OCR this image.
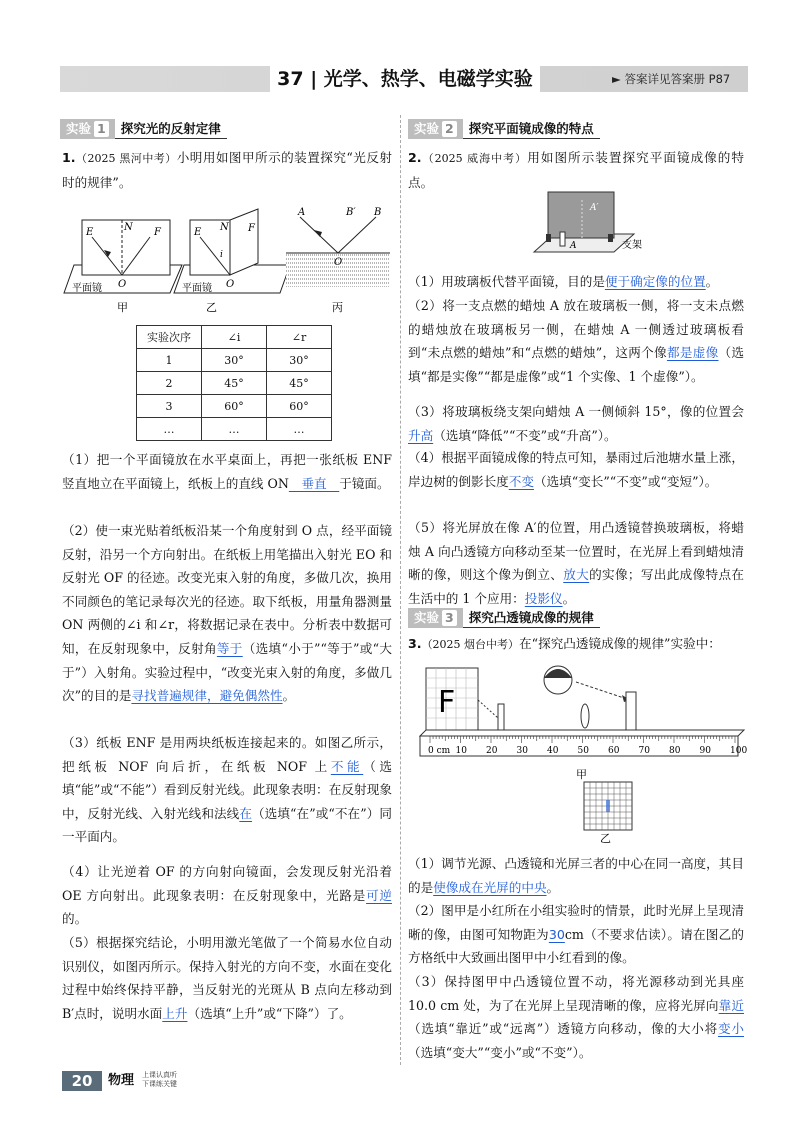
37 | 光学、热学、电磁学实验	► 答案详见答案册 P87
实验 1	探究光的反射定律

1.（2025 黑河中考）小明用如图甲所示的装置探究“光反射时的规律”。

E	N F
O
平面镜
甲
E N
i
F
O
平面镜
乙
A	B′ B
O
丙
实验次序	∠i	∠r
1	30°	30°
2	45°	45°
3	60°	60°
…	…	…

（1）把一个平面镜放在水平桌面上，再把一张纸板 ENF 竖直地立在平面镜上，纸板上的直线 ON　垂直　于镜面。

（2）使一束光贴着纸板沿某一个角度射到 O 点，经平面镜反射，沿另一个方向射出。在纸板上用笔描出入射光 EO 和反射光 OF 的径迹。改变光束入射的角度，多做几次，换用不同颜色的笔记录每次光的径迹。取下纸板，用量角器测量 ON 两侧的∠i 和∠r，将数据记录在表中。分析表中数据可知，在反射现象中，反射角等于（选填“小于”“等于”或“大于”）入射角。实验过程中，“改变光束入射的角度，多做几次”的目的是寻找普遍规律，避免偶然性。

（3）纸板 ENF 是用两块纸板连接起来的。如图乙所示，把纸板 NOF 向后折，在纸板 NOF 上不能（选填“能”或“不能”）看到反射光线。此现象表明：在反射现象中，反射光线、入射光线和法线在（选填“在”或“不在”）同一平面内。

（4）让光逆着 OF 的方向射向镜面，会发现反射光沿着 OE 方向射出。此现象表明：在反射现象中，光路是可逆的。

（5）根据探究结论，小明用激光笔做了一个简易水位自动识别仪，如图丙所示。保持入射光的方向不变，水面在变化过程中始终保持平静，当反射光的光斑从 B 点向左移动到 B′点时，说明水面上升（选填“上升”或“下降”）了。

实验 2	探究平面镜成像的特点

2.（2025 威海中考）用如图所示装置探究平面镜成像的特点。

A′
A	支架

（1）用玻璃板代替平面镜，目的是便于确定像的位置。

（2）将一支点燃的蜡烛 A 放在玻璃板一侧，将一支未点燃的蜡烛放在玻璃板另一侧，在蜡烛 A 一侧透过玻璃板看到“未点燃的蜡烛”和“点燃的蜡烛”，这两个像都是虚像（选填“都是实像”“都是虚像”或“1 个实像、1 个虚像”）。

（3）将玻璃板绕支架向蜡烛 A 一侧倾斜 15°，像的位置会升高（选填“降低”“不变”或“升高”）。

（4）根据平面镜成像的特点可知，暴雨过后池塘水量上涨，岸边树的倒影长度不变（选填“变长”“不变”或“变短”）。

（5）将光屏放在像 A′的位置，用凸透镜替换玻璃板，将蜡烛 A 向凸透镜方向移动至某一位置时，在光屏上看到蜡烛清晰的像，则这个像为倒立、放大的实像；写出此成像特点在生活中的 1 个应用：投影仪。

实验 3	探究凸透镜成像的规律

3.（2025 烟台中考）在“探究凸透镜成像的规律”实验中：

F
0 cm 10 20 30 40 50 60 70 80 90 100
甲
乙

（1）调节光源、凸透镜和光屏三者的中心在同一高度，其目的是使像成在光屏的中央。

（2）图甲是小红所在小组实验时的情景，此时光屏上呈现清晰的像，由图可知物距为30cm（不要求估读）。请在图乙的方格纸中大致画出图甲中小红看到的像。

（3）保持图甲中凸透镜位置不动，将光源移动到光具座 10.0 cm 处，为了在光屏上呈现清晰的像，应将光屏向靠近（选填“靠近”或“远离”）透镜方向移动，像的大小将变小（选填“变大”“变小”或“不变”）。

20	物理 上课认真听
下课练关键
